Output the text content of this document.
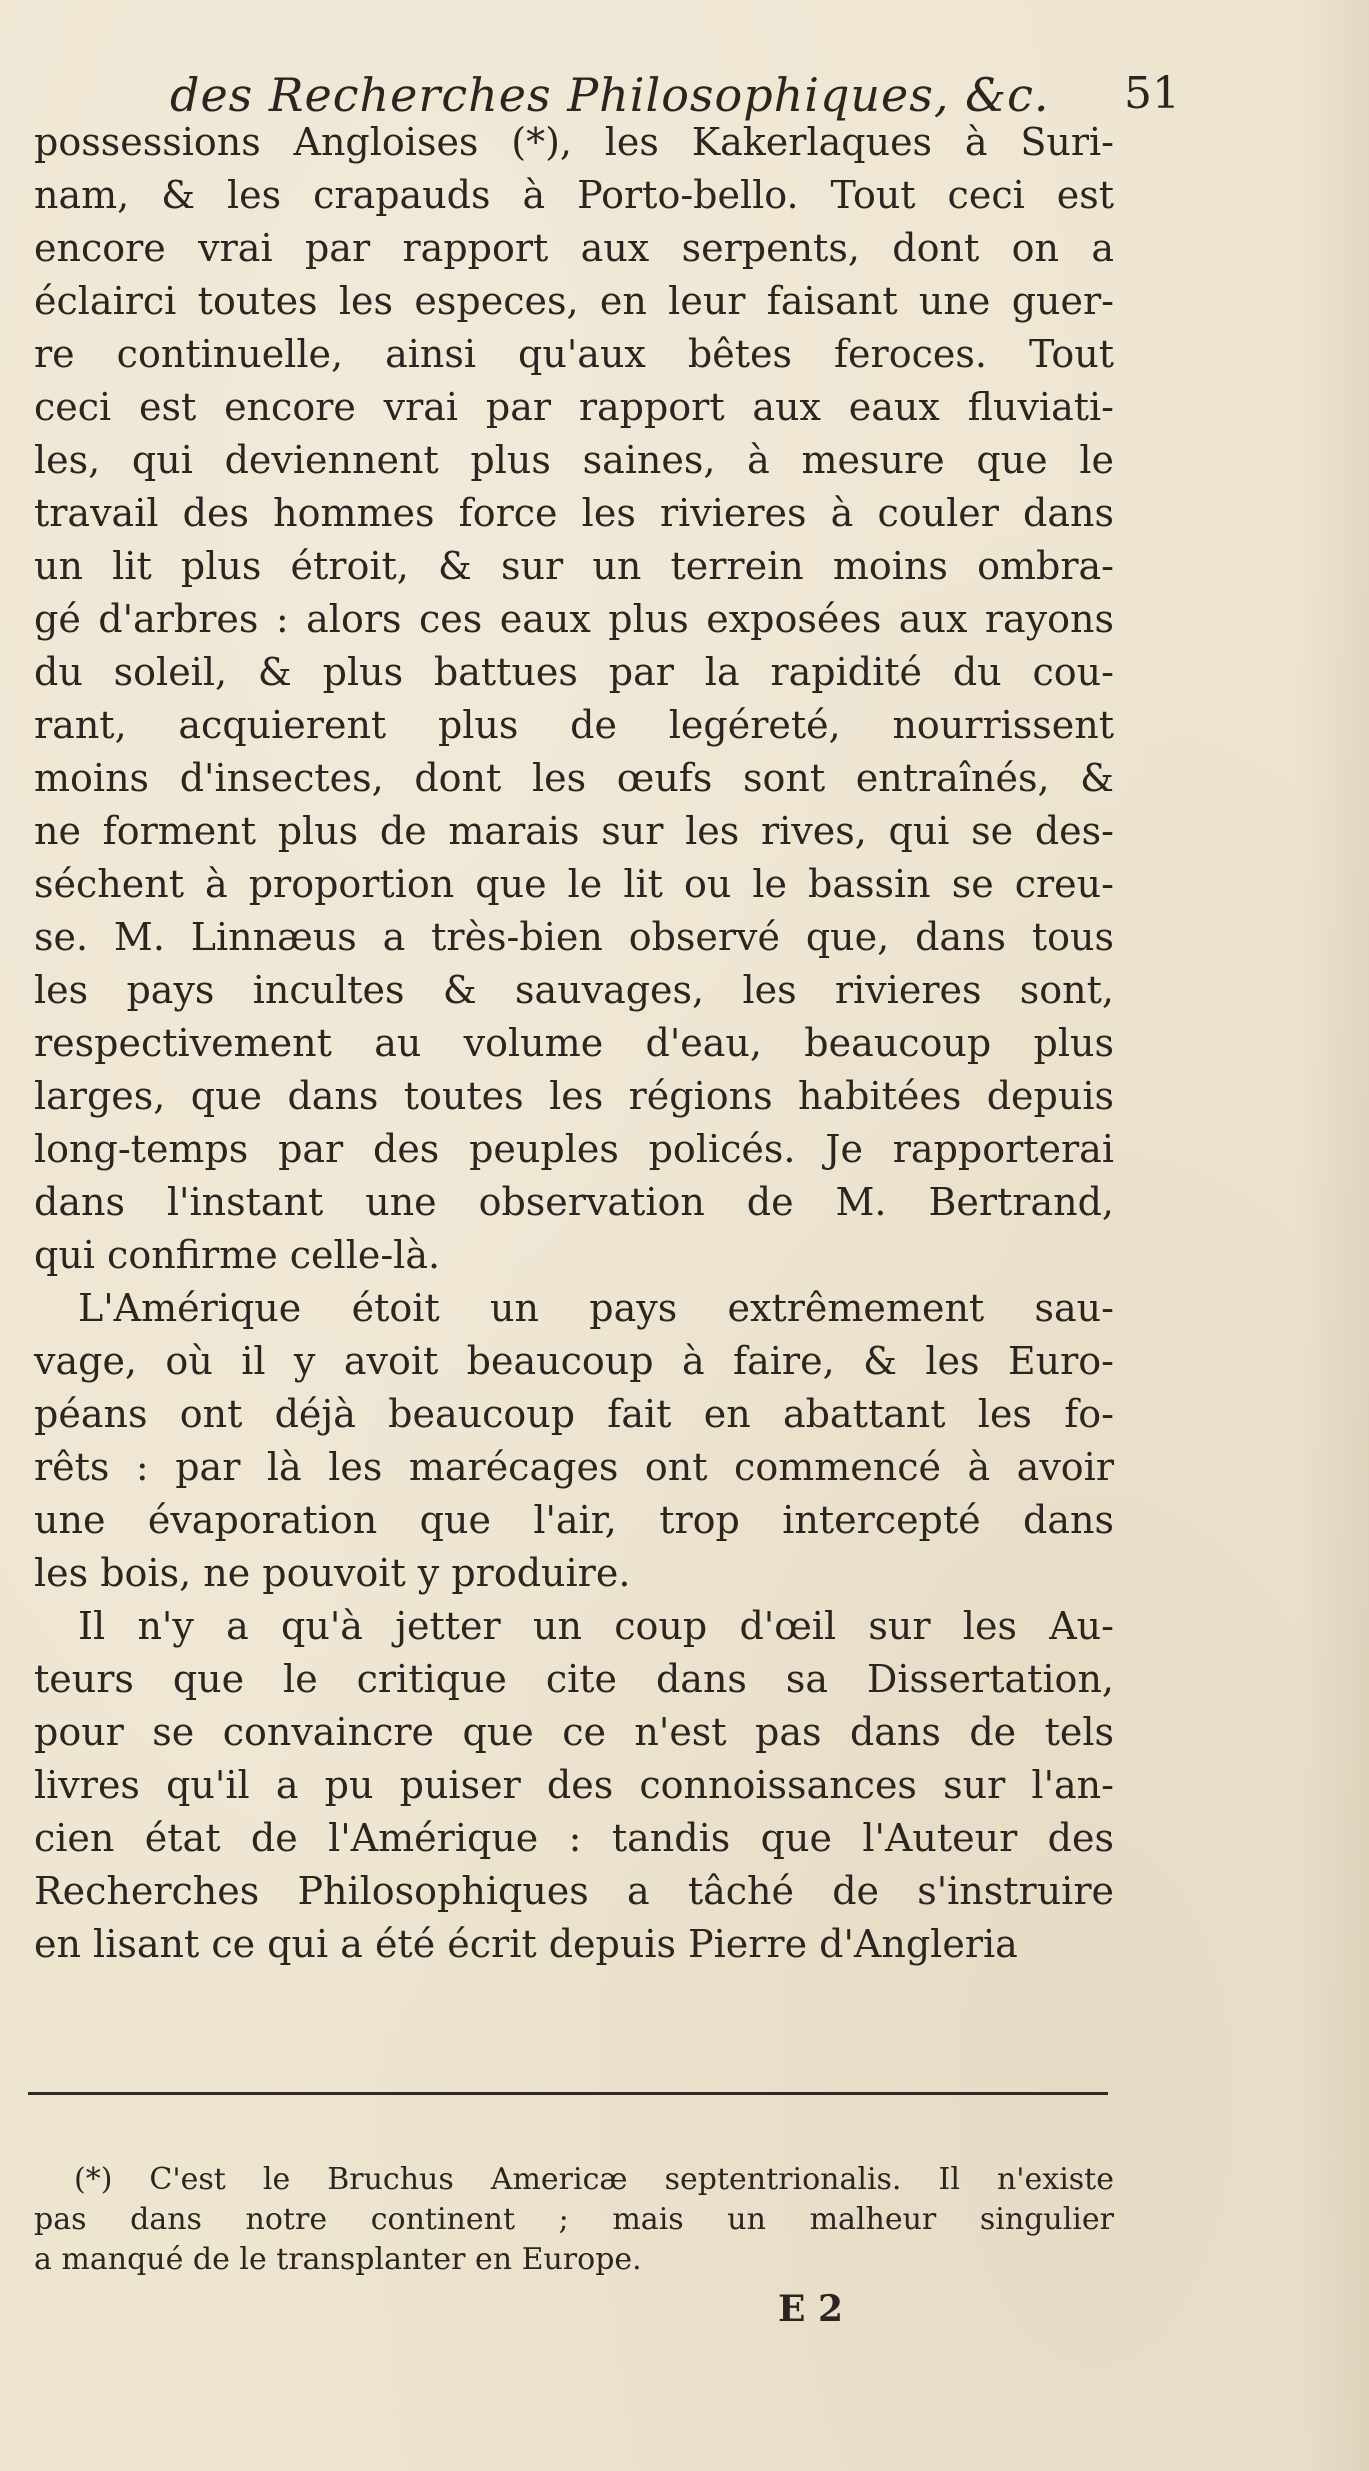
des Recherches Philosophiques, &c. 51
possessions Angloises (*), les Kakerlaques à Suri-
nam, & les crapauds à Porto-bello. Tout ceci est
encore vrai par rapport aux serpents, dont on a
éclairci toutes les especes, en leur faisant une guer-
re continuelle, ainsi qu'aux bêtes feroces. Tout
ceci est encore vrai par rapport aux eaux fluviati-
les, qui deviennent plus saines, à mesure que le
travail des hommes force les rivieres à couler dans
un lit plus étroit, & sur un terrein moins ombra-
gé d'arbres : alors ces eaux plus exposées aux rayons
du soleil, & plus battues par la rapidité du cou-
rant, acquierent plus de legéreté, nourrissent
moins d'insectes, dont les œufs sont entraînés, &
ne forment plus de marais sur les rives, qui se des-
séchent à proportion que le lit ou le bassin se creu-
se. M. Linnæus a très-bien observé que, dans tous
les pays incultes & sauvages, les rivieres sont,
respectivement au volume d'eau, beaucoup plus
larges, que dans toutes les régions habitées depuis
long-temps par des peuples policés. Je rapporterai
dans l'instant une observation de M. Bertrand,
qui confirme celle-là.
L'Amérique étoit un pays extrêmement sau-
vage, où il y avoit beaucoup à faire, & les Euro-
péans ont déjà beaucoup fait en abattant les fo-
rêts : par là les marécages ont commencé à avoir
une évaporation que l'air, trop intercepté dans
les bois, ne pouvoit y produire.
Il n'y a qu'à jetter un coup d'œil sur les Au-
teurs que le critique cite dans sa Dissertation,
pour se convaincre que ce n'est pas dans de tels
livres qu'il a pu puiser des connoissances sur l'an-
cien état de l'Amérique : tandis que l'Auteur des
Recherches Philosophiques a tâché de s'instruire
en lisant ce qui a été écrit depuis Pierre d'Angleria
(*) C'est le Bruchus Americæ septentrionalis. Il n'existe
pas dans notre continent ; mais un malheur singulier
a manqué de le transplanter en Europe.
E 2
